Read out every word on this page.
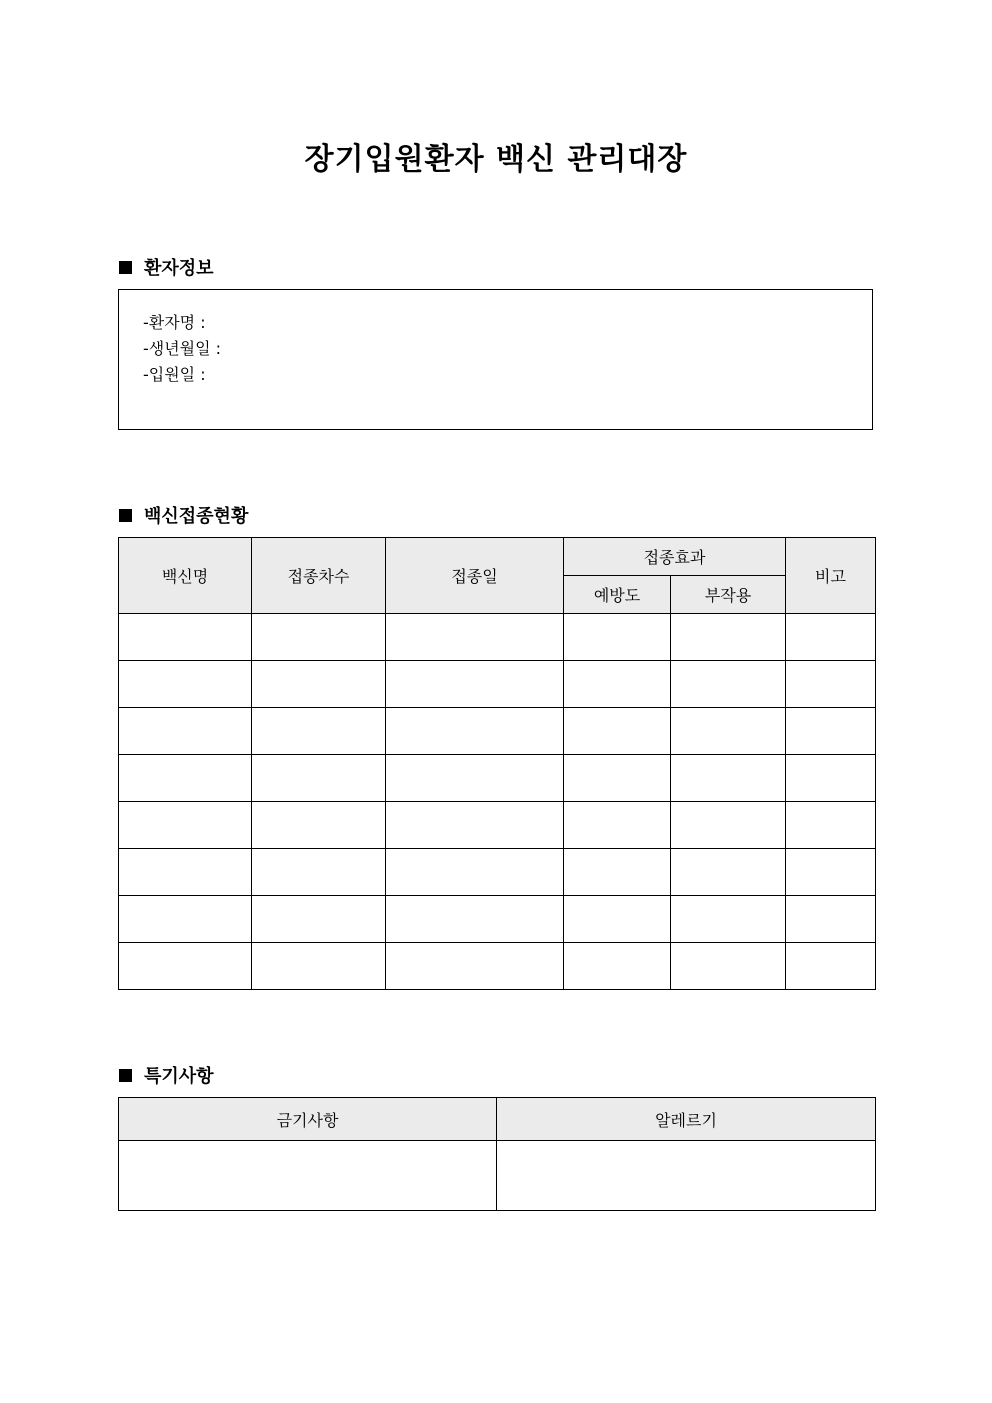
장기입원환자 백신 관리대장
환자정보
-환자명 :
-생년월일 :
-입원일 :
백신접종현황
백신명	접종차수	접종일	접종효과		비고
			예방도	부작용	

특기사항
금기사항	알레르기
